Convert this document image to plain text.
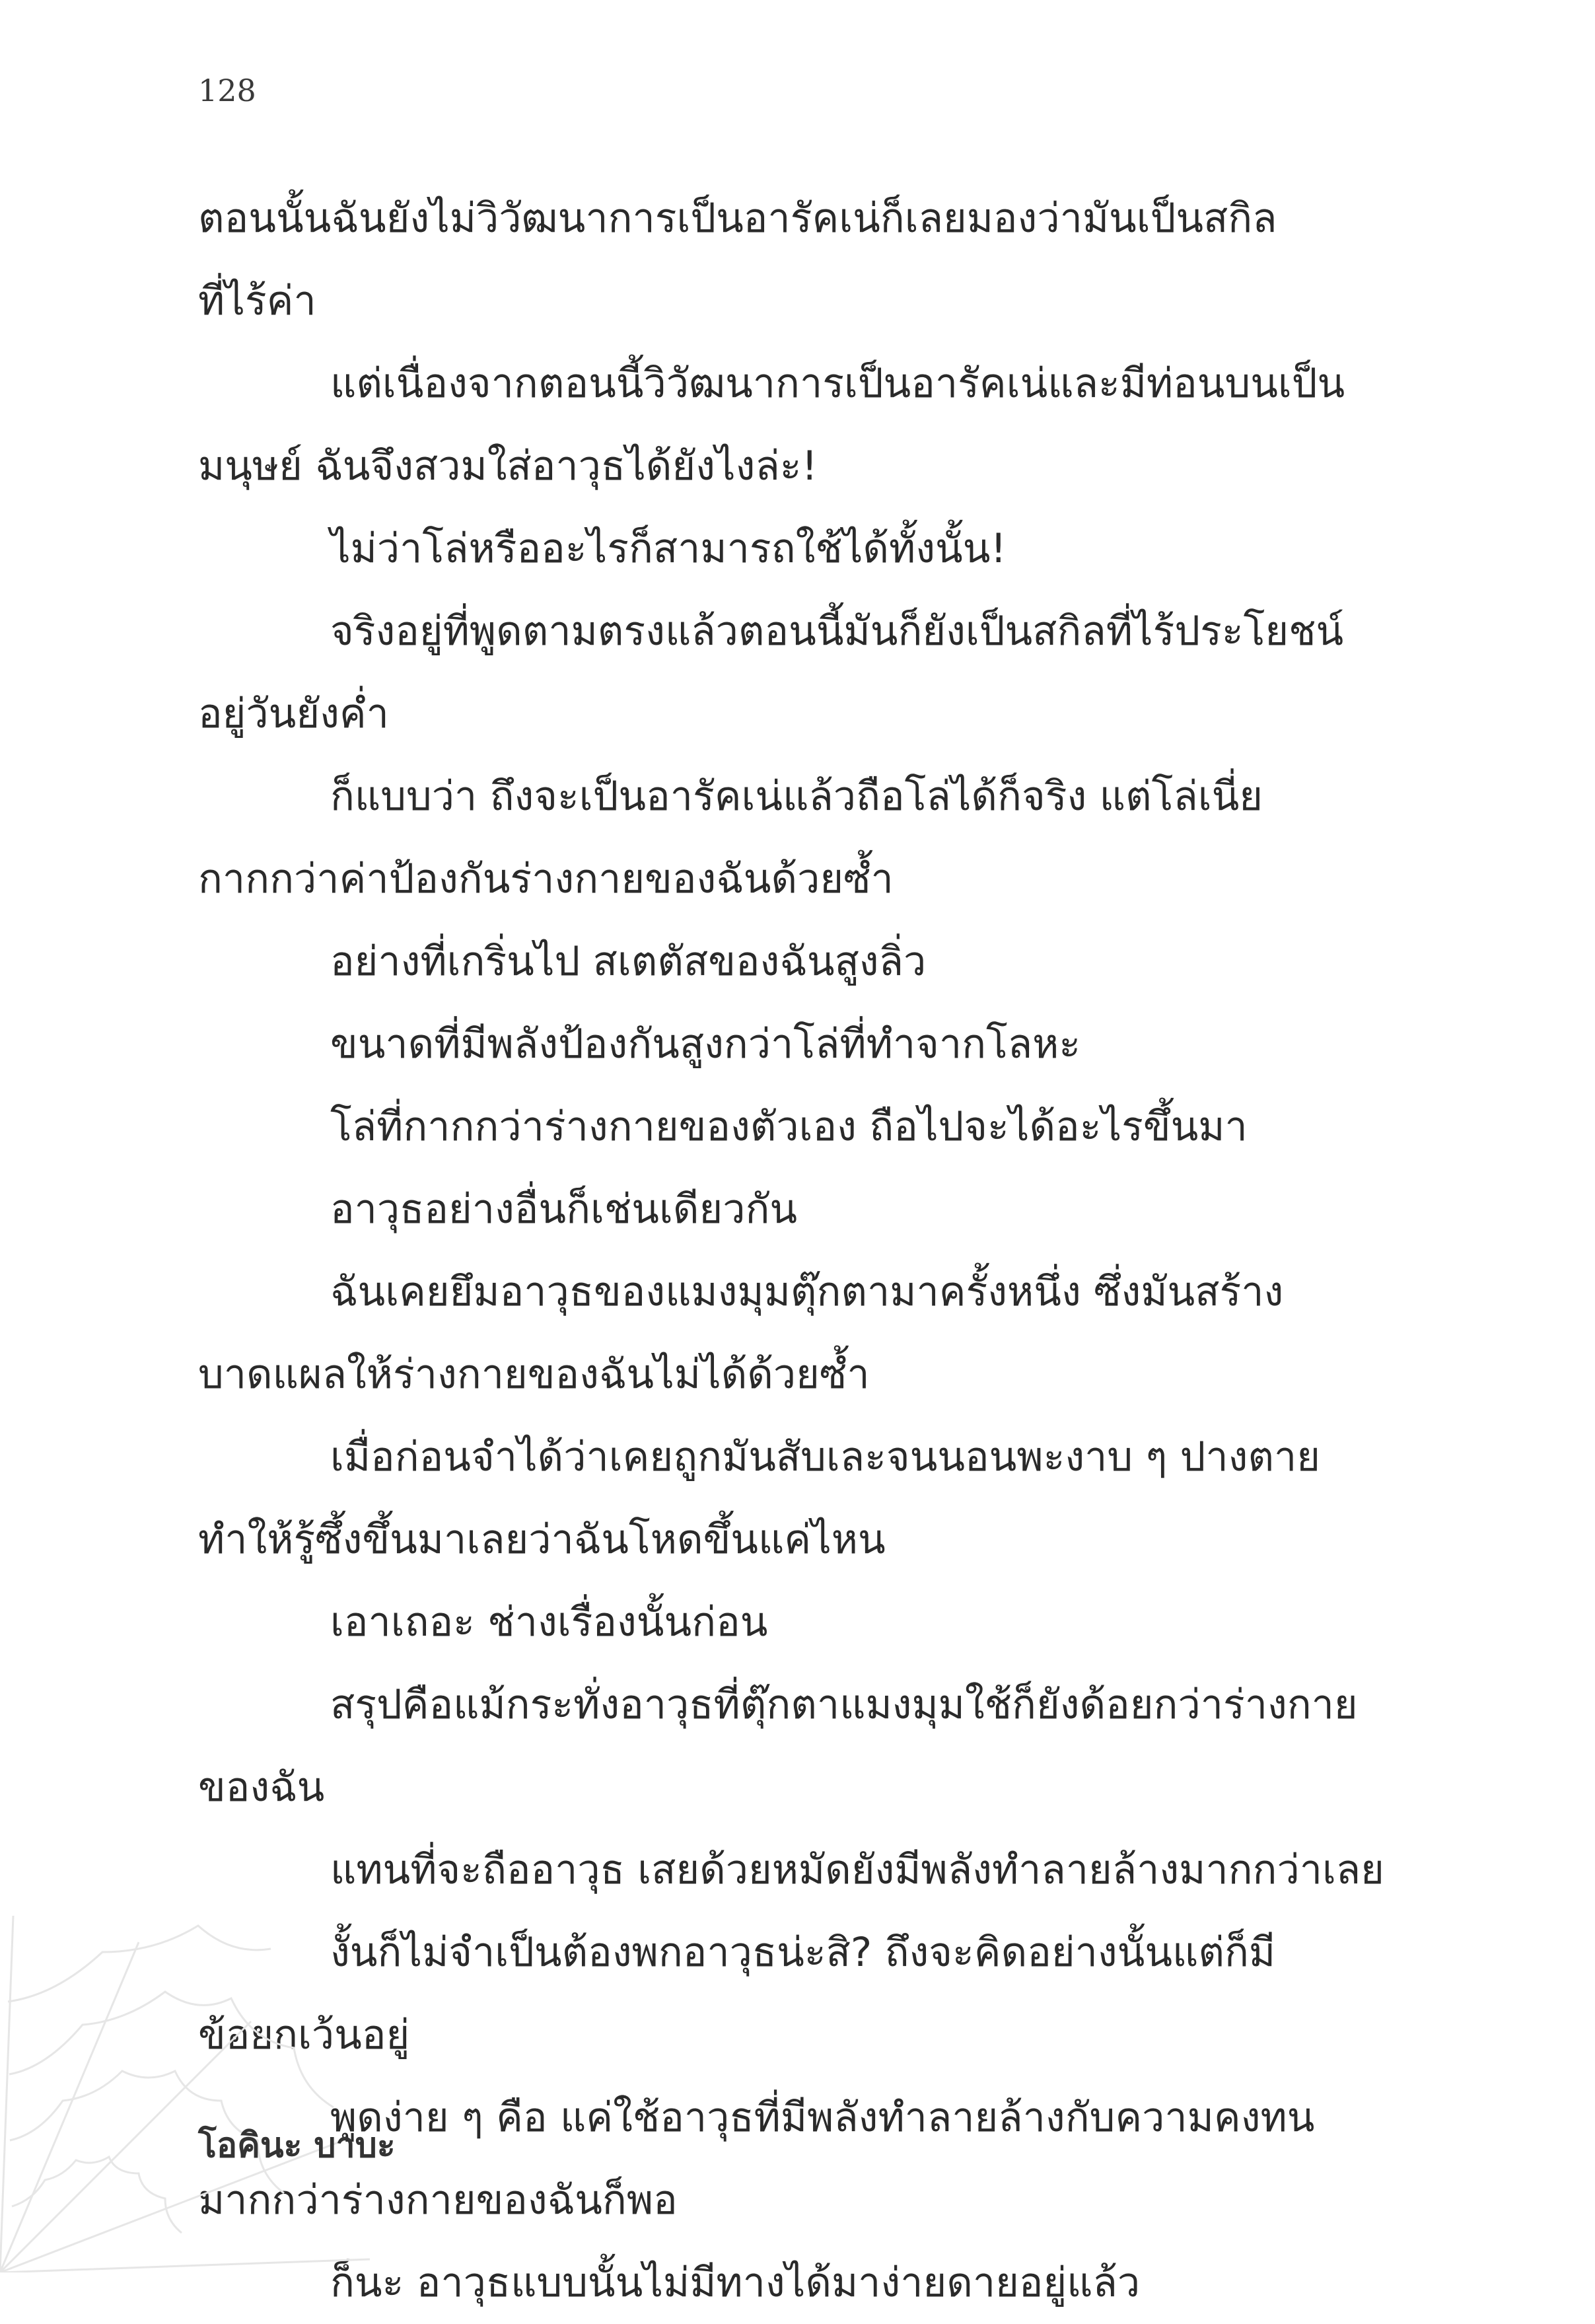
128
ตอนนั้นฉันยังไม่วิวัฒนาการเป็นอารัคเน่ก็เลยมองว่ามันเป็นสกิล
ที่ไร้ค่า
แต่เนื่องจากตอนนี้วิวัฒนาการเป็นอารัคเน่และมีท่อนบนเป็น
มนุษย์ ฉันจึงสวมใส่อาวุธได้ยังไงล่ะ!
ไม่ว่าโล่หรืออะไรก็สามารถใช้ได้ทั้งนั้น!
จริงอยู่ที่พูดตามตรงแล้วตอนนี้มันก็ยังเป็นสกิลที่ไร้ประโยชน์
อยู่วันยังค่ำ
ก็แบบว่า ถึงจะเป็นอารัคเน่แล้วถือโล่ได้ก็จริง แต่โล่เนี่ย
กากกว่าค่าป้องกันร่างกายของฉันด้วยซ้ำ
อย่างที่เกริ่นไป สเตตัสของฉันสูงลิ่ว
ขนาดที่มีพลังป้องกันสูงกว่าโล่ที่ทำจากโลหะ
โล่ที่กากกว่าร่างกายของตัวเอง ถือไปจะได้อะไรขึ้นมา
อาวุธอย่างอื่นก็เช่นเดียวกัน
ฉันเคยยึมอาวุธของแมงมุมตุ๊กตามาครั้งหนึ่ง ซึ่งมันสร้าง
บาดแผลให้ร่างกายของฉันไม่ได้ด้วยซ้ำ
เมื่อก่อนจำได้ว่าเคยถูกมันสับเละจนนอนพะงาบ ๆ ปางตาย
ทำให้รู้ซึ้งขึ้นมาเลยว่าฉันโหดขึ้นแค่ไหน
เอาเถอะ ช่างเรื่องนั้นก่อน
สรุปคือแม้กระทั่งอาวุธที่ตุ๊กตาแมงมุมใช้ก็ยังด้อยกว่าร่างกาย
ของฉัน
แทนที่จะถืออาวุธ เสยด้วยหมัดยังมีพลังทำลายล้างมากกว่าเลย
งั้นก็ไม่จำเป็นต้องพกอาวุธน่ะสิ? ถึงจะคิดอย่างนั้นแต่ก็มี
ข้อยกเว้นอยู่
พูดง่าย ๆ คือ แค่ใช้อาวุธที่มีพลังทำลายล้างกับความคงทน
มากกว่าร่างกายของฉันก็พอ
ก็นะ อาวุธแบบนั้นไม่มีทางได้มาง่ายดายอยู่แล้ว
โอคินะ บาบะ
